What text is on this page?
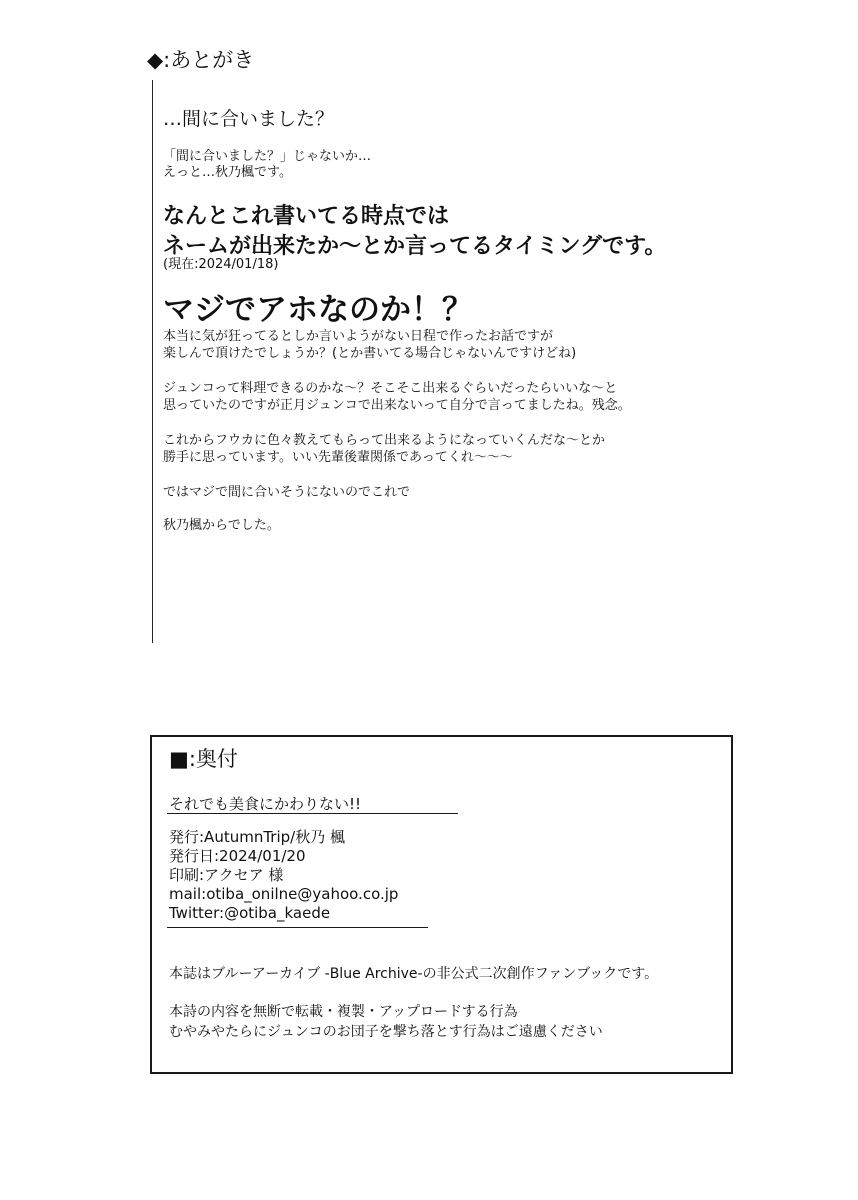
◆:あとがき
…間に合いました？
「間に合いました？」じゃないか…
えっと…秋乃楓です。
なんとこれ書いてる時点では
ネームが出来たか〜とか言ってるタイミングです。
(現在:2024/01/18)
マジでアホなのか！？
本当に気が狂ってるとしか言いようがない日程で作ったお話ですが
楽しんで頂けたでしょうか？(とか書いてる場合じゃないんですけどね)
ジュンコって料理できるのかな〜？そこそこ出来るぐらいだったらいいな〜と
思っていたのですが正月ジュンコで出来ないって自分で言ってましたね。残念。
これからフウカに色々教えてもらって出来るようになっていくんだな〜とか
勝手に思っています。いい先輩後輩関係であってくれ〜〜〜
ではマジで間に合いそうにないのでこれで
秋乃楓からでした。
■:奥付
それでも美食にかわりない!!
発行:AutumnTrip/秋乃 楓
発行日:2024/01/20
印刷:アクセア 様
mail:otiba_onilne@yahoo.co.jp
Twitter:@otiba_kaede
本誌はブルーアーカイブ -Blue Archive-の非公式二次創作ファンブックです。
本詩の内容を無断で転載・複製・アップロードする行為
むやみやたらにジュンコのお団子を撃ち落とす行為はご遠慮ください
